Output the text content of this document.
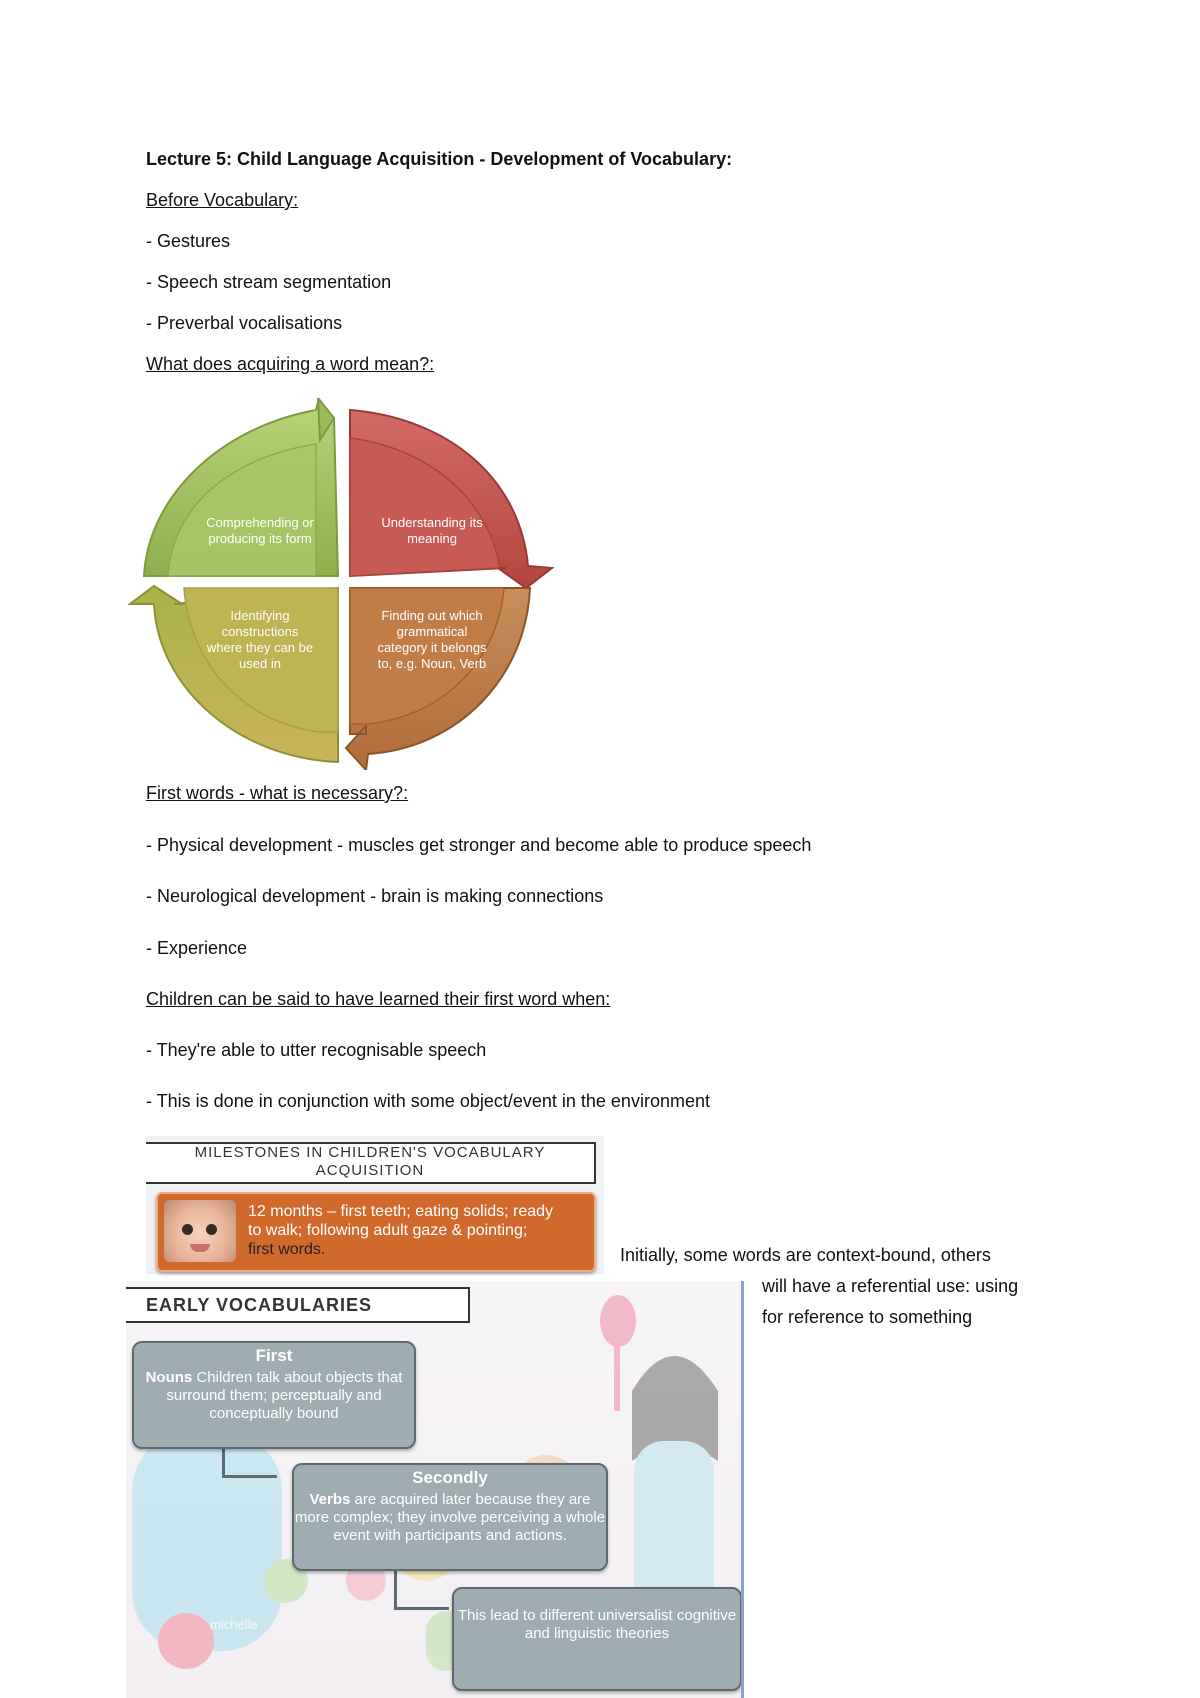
Lecture 5: Child Language Acquisition - Development of Vocabulary:
Before Vocabulary:
- Gestures
- Speech stream segmentation
- Preverbal vocalisations
What does acquiring a word mean?:
Comprehending or
producing its form
Understanding its
meaning
Finding out which
grammatical
category it belongs
to, e.g. Noun, Verb
Identifying
constructions
where they can be
used in
First words - what is necessary?:
- Physical development - muscles get stronger and become able to produce speech
- Neurological development - brain is making connections
- Experience
Children can be said to have learned their first word when:
- They're able to utter recognisable speech
- This is done in conjunction with some object/event in the environment
MILESTONES IN CHILDREN'S VOCABULARY
ACQUISITION
12 months – first teeth; eating solids; ready
to walk; following adult gaze & pointing;
first words.	Initially, some words are context-bound, others
will have a referential use: using
for reference to something
EARLY VOCABULARIES
First
Nouns Children talk about objects that surround them; perceptually and conceptually bound
Secondly
Verbs are acquired later because they are more complex; they involve perceiving a whole event with participants and actions.
This lead to different universalist cognitive and linguistic theories
michelle
